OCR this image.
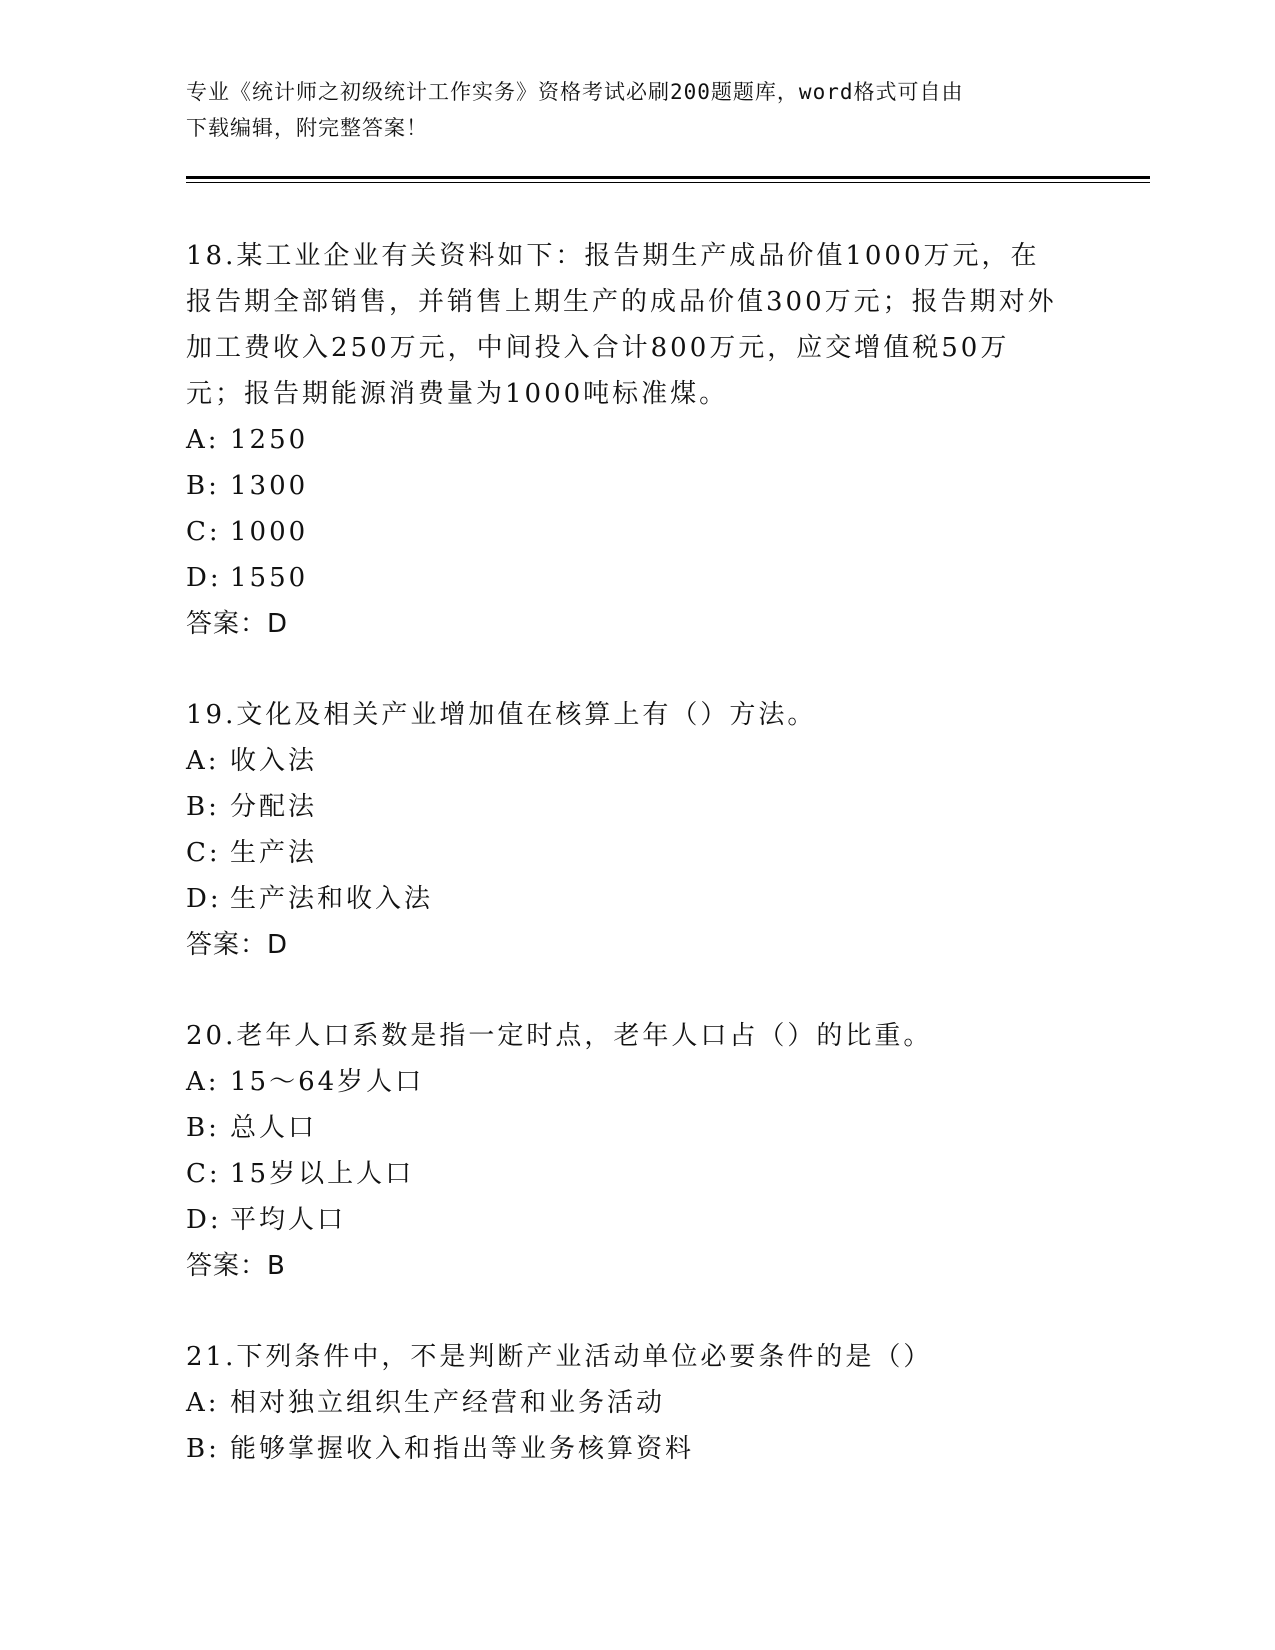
专业《统计师之初级统计工作实务》资格考试必刷200题题库，word格式可自由
下载编辑，附完整答案！

18.某工业企业有关资料如下：报告期生产成品价值1000万元，在报告期全部销售，并销售上期生产的成品价值300万元；报告期对外加工费收入250万元，中间投入合计800万元，应交增值税50万元；报告期能源消费量为1000吨标准煤。

A: 1250

B: 1300

C: 1000

D: 1550

答案：D

19.文化及相关产业增加值在核算上有（）方法。

A: 收入法

B: 分配法

C: 生产法

D: 生产法和收入法

答案：D

20.老年人口系数是指一定时点，老年人口占（）的比重。

A: 15～64岁人口

B: 总人口

C: 15岁以上人口

D: 平均人口

答案：B

21.下列条件中，不是判断产业活动单位必要条件的是（）

A: 相对独立组织生产经营和业务活动

B: 能够掌握收入和指出等业务核算资料
